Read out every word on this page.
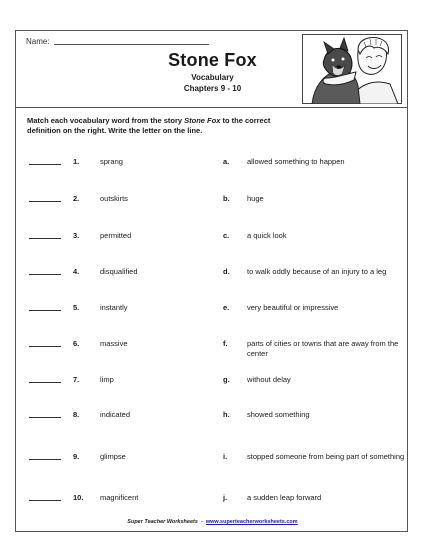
Name:
Stone Fox
Vocabulary
Chapters 9 - 10
Match each vocabulary word from the story Stone Fox to the correct definition on the right. Write the letter on the line.
1.	sprang	a. allowed something to happen
2.	outskirts	b. huge
3.	permitted	c. a quick look
4.	disqualified	d. to walk oddly because of an injury to a leg
5.	instantly	e. very beautiful or impressive
6.	massive	f.	parts of cities or towns that are away from the center
7.	limp	g. without delay
8.	indicated	h. showed something
9.	glimpse	i.	stopped someone from being part of something
10. magnificent	j.	a sudden leap forward
Super Teacher Worksheets  -  www.superteacherworksheets.com
